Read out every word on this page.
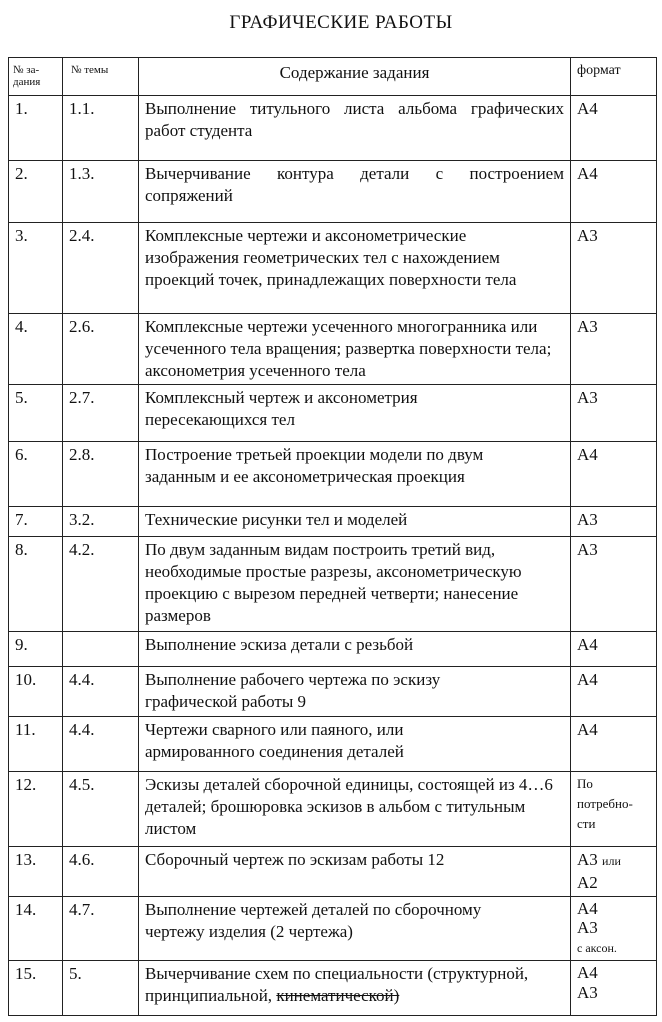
ГРАФИЧЕСКИЕ РАБОТЫ
№ за-дания	№ темы	Содержание задания	формат
1.	1.1.	Выполнение титульного листа альбома графических работ студента	А4
2.	1.3.	Вычерчивание контура детали с построением сопряжений	А4
3.	2.4.	Комплексные чертежи и аксонометрические изображения геометрических тел с нахождением проекций точек, принадлежащих поверхности тела	А3
4.	2.6.	Комплексные чертежи усеченного многогранника или усеченного тела вращения; развертка поверхности тела; аксонометрия усеченного тела	А3
5.	2.7.	Комплексный чертеж и аксонометрия пересекающихся тел	А3
6.	2.8.	Построение третьей проекции модели по двум заданным и ее аксонометрическая проекция	А4
7.	3.2.	Технические рисунки тел и моделей	А3
8.	4.2.	По двум заданным видам построить третий вид, необходимые простые разрезы, аксонометрическую проекцию с вырезом передней четверти; нанесение размеров	А3
9.		Выполнение эскиза детали с резьбой	А4
10.	4.4.	Выполнение рабочего чертежа по эскизу графической работы 9	А4
11.	4.4.	Чертежи сварного или паяного, или армированного соединения деталей	А4
12.	4.5.	Эскизы деталей сборочной единицы, состоящей из 4…6 деталей; брошюровка эскизов в альбом с титульным листом	По потребно-сти
13.	4.6.	Сборочный чертеж по эскизам работы 12	А3 или
А2
14.	4.7.	Выполнение чертежей деталей по сборочному чертежу изделия (2 чертежа)	А4
А3
с аксон.
15.	5.	Вычерчивание схем по специальности (структурной, принципиальной, кинематической)	А4
А3
